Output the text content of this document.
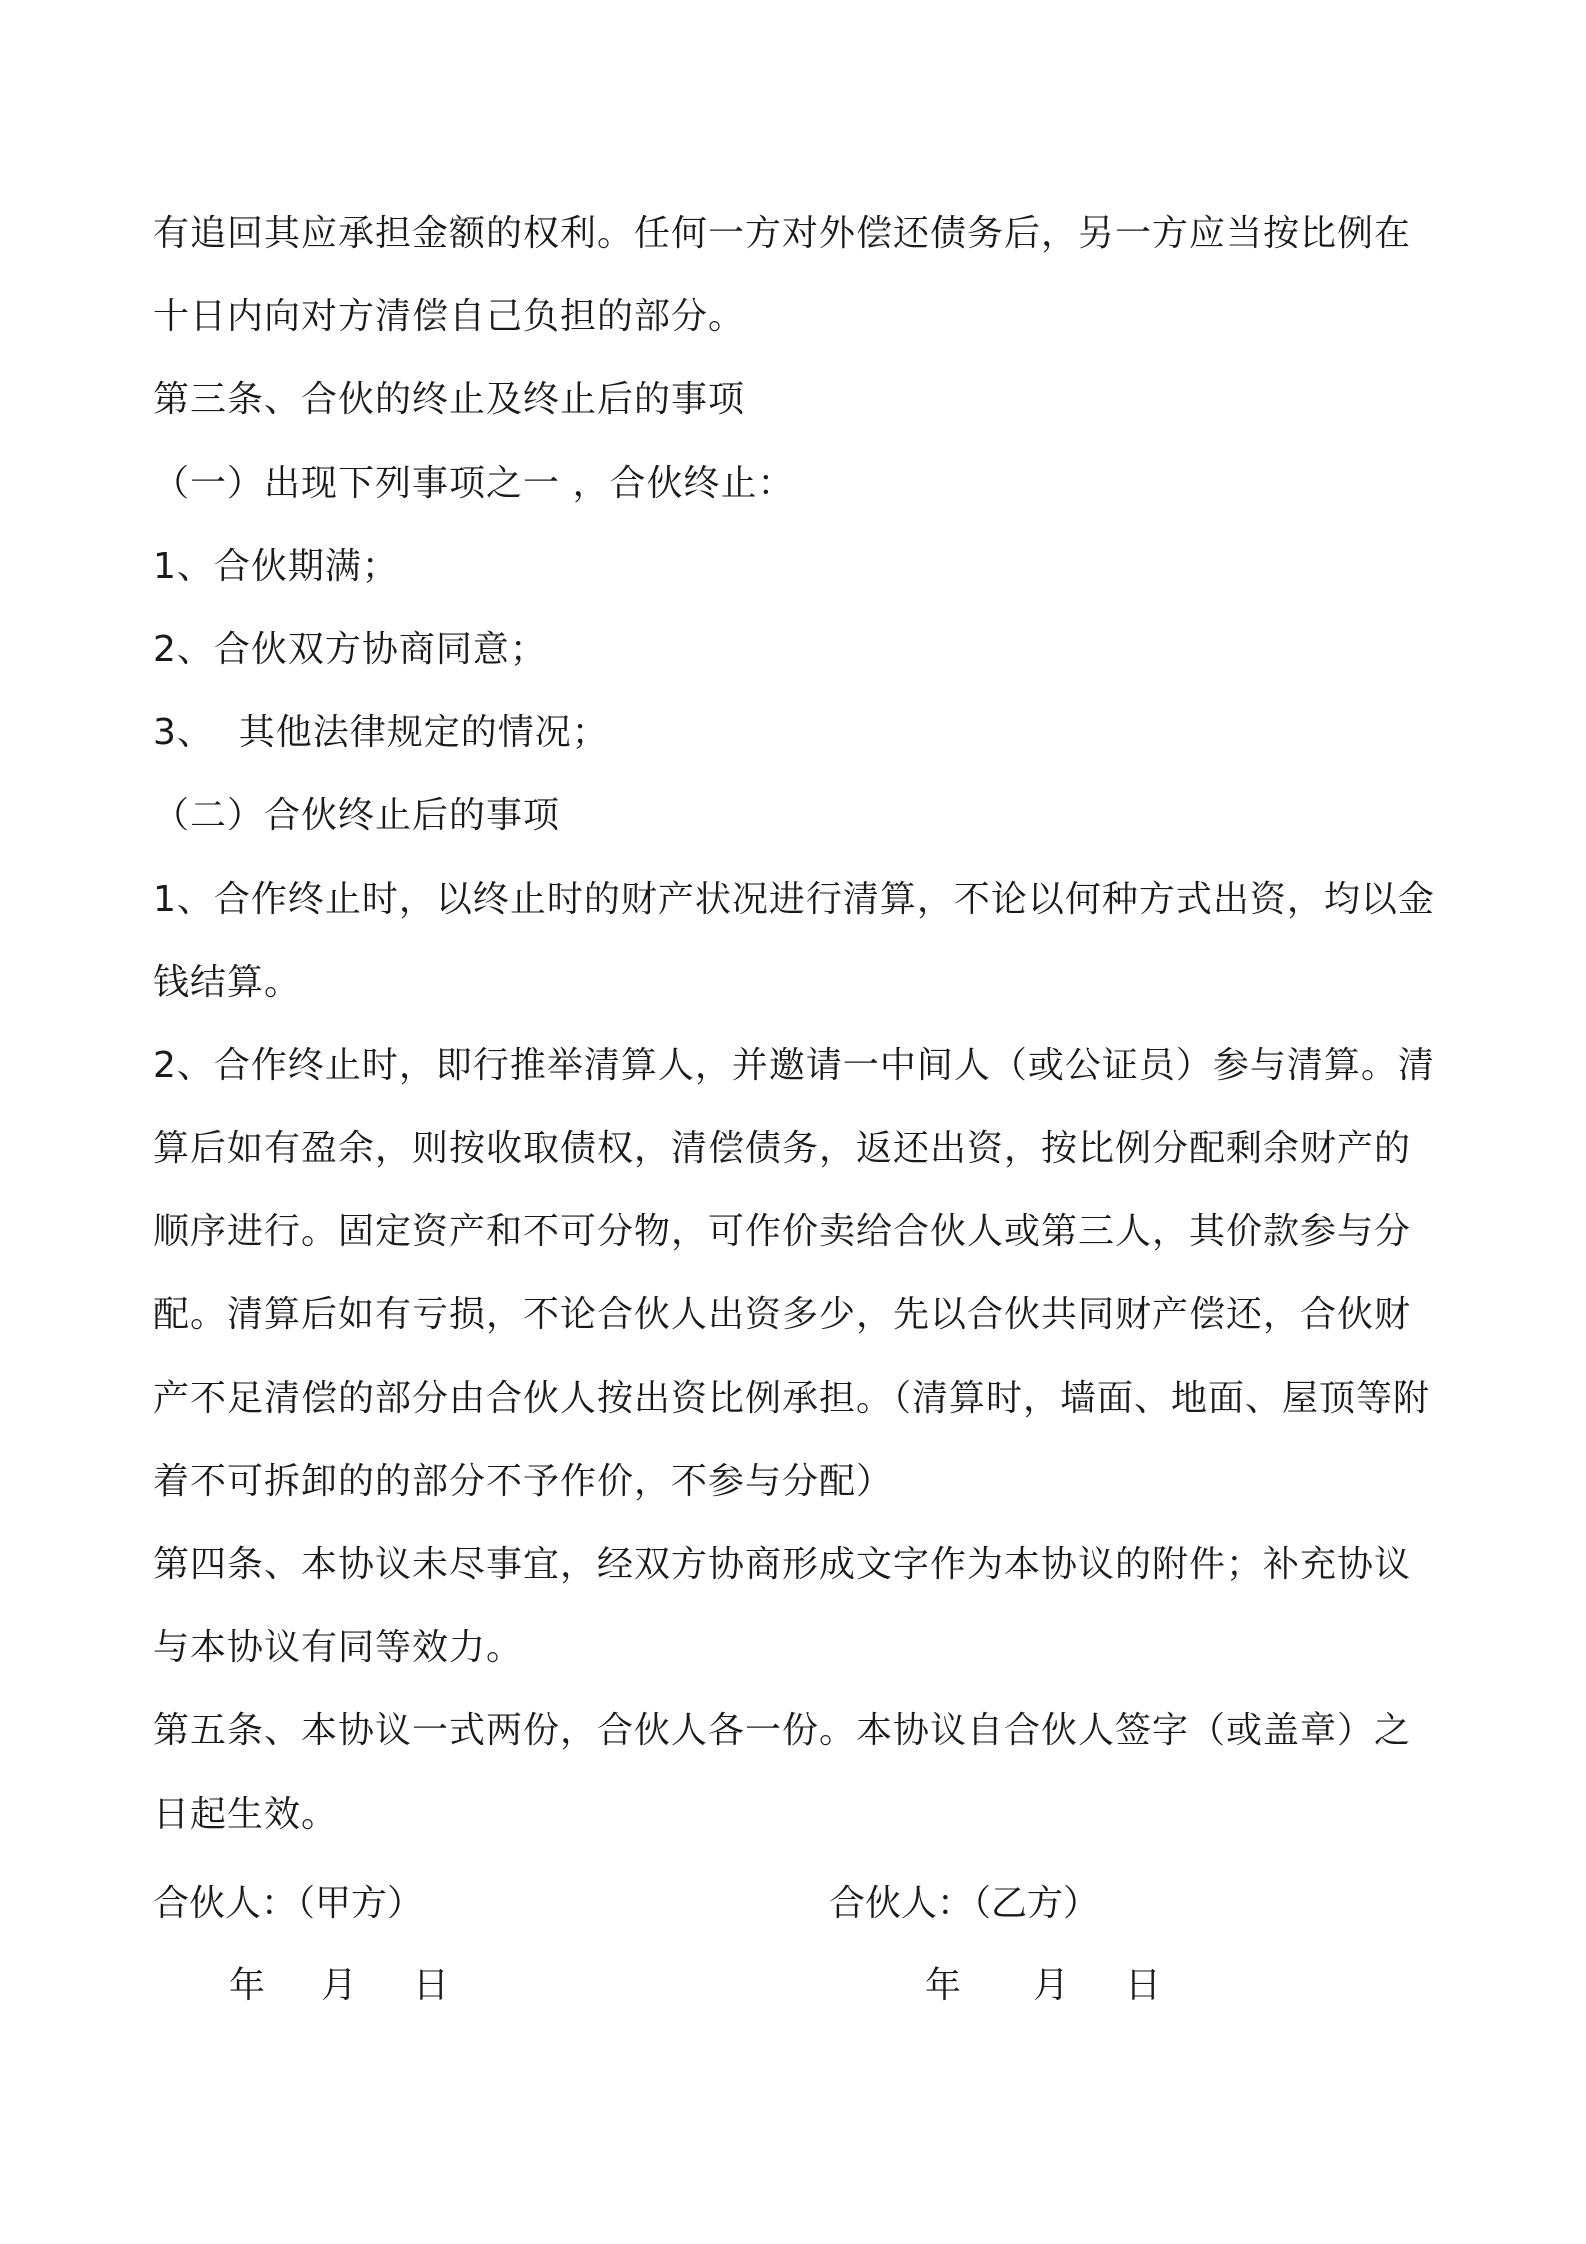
有追回其应承担金额的权利。任何一方对外偿还债务后，另一方应当按比例在
十日内向对方清偿自己负担的部分。
第三条、合伙的终止及终止后的事项
（一）出现下列事项之一 ，合伙终止：
1、合伙期满；
2、合伙双方协商同意；
3、  其他法律规定的情况；
（二）合伙终止后的事项
1、合作终止时，以终止时的财产状况进行清算，不论以何种方式出资，均以金
钱结算。
2、合作终止时，即行推举清算人，并邀请一中间人（或公证员）参与清算。清
算后如有盈余，则按收取债权，清偿债务，返还出资，按比例分配剩余财产的
顺序进行。固定资产和不可分物，可作价卖给合伙人或第三人，其价款参与分
配。清算后如有亏损，不论合伙人出资多少，先以合伙共同财产偿还，合伙财
产不足清偿的部分由合伙人按出资比例承担。（清算时，墙面、地面、屋顶等附
着不可拆卸的的部分不予作价，不参与分配）
第四条、本协议未尽事宜，经双方协商形成文字作为本协议的附件；补充协议
与本协议有同等效力。
第五条、本协议一式两份，合伙人各一份。本协议自合伙人签字（或盖章）之
日起生效。
合伙人：（甲方）	合伙人：（乙方）
年 月 日	年 月 日
